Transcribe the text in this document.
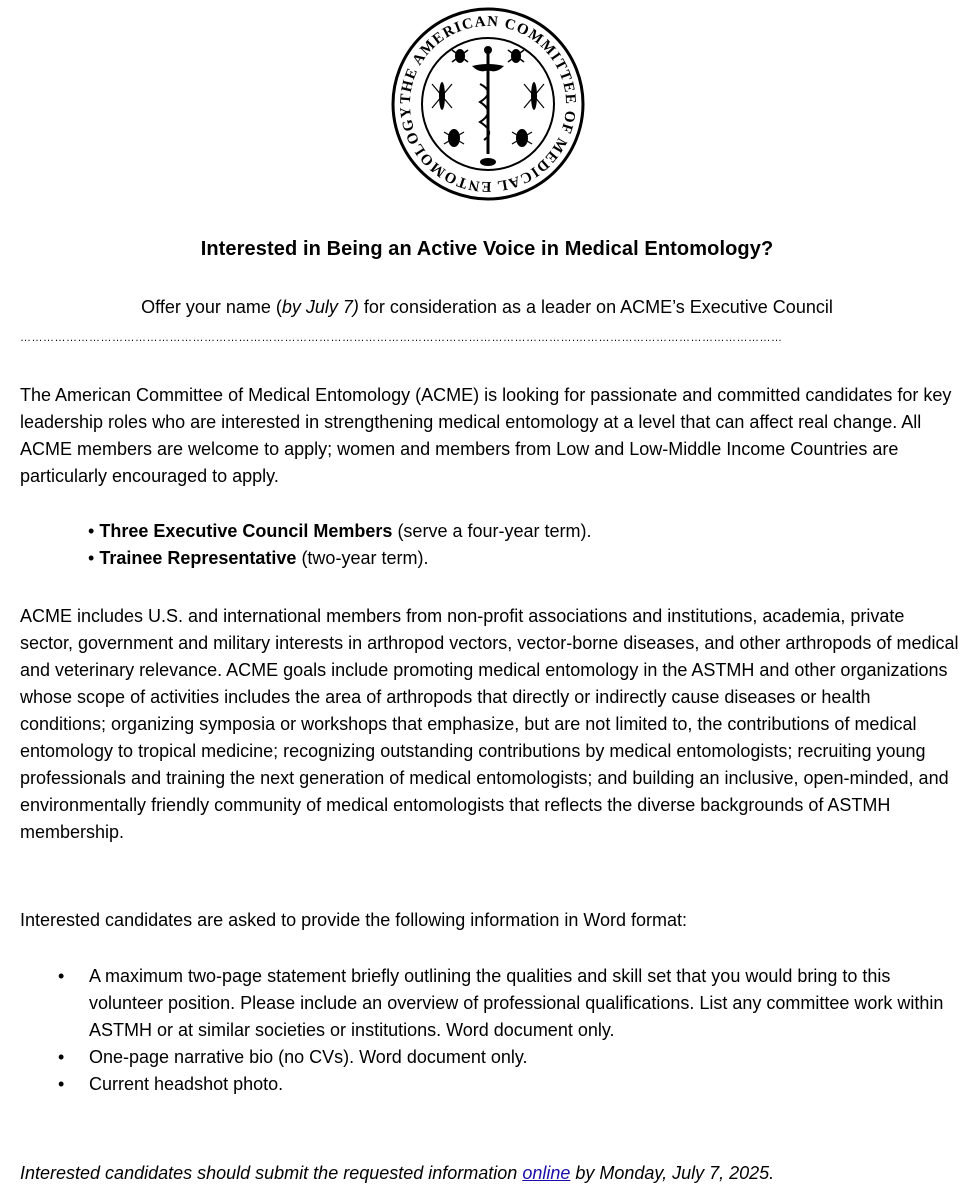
THE AMERICAN COMMITTEE OF MEDICAL ENTOMOLOGY
Interested in Being an Active Voice in Medical Entomology?
Offer your name (by July 7) for consideration as a leader on ACME’s Executive Council
……………………………………………………………………………………………………………………………….………………………………………………

The American Committee of Medical Entomology (ACME) is looking for passionate and committed candidates for key leadership roles who are interested in strengthening medical entomology at a level that can affect real change. All ACME members are welcome to apply; women and members from Low and Low-Middle Income Countries are particularly encouraged to apply.

• Three Executive Council Members (serve a four-year term).
• Trainee Representative (two-year term).

ACME includes U.S. and international members from non-profit associations and institutions, academia, private sector, government and military interests in arthropod vectors, vector-borne diseases, and other arthropods of medical and veterinary relevance. ACME goals include promoting medical entomology in the ASTMH and other organizations whose scope of activities includes the area of arthropods that directly or indirectly cause diseases or health conditions; organizing symposia or workshops that emphasize, but are not limited to, the contributions of medical entomology to tropical medicine; recognizing outstanding contributions by medical entomologists; recruiting young professionals and training the next generation of medical entomologists; and building an inclusive, open-minded, and environmentally friendly community of medical entomologists that reflects the diverse backgrounds of ASTMH membership.

Interested candidates are asked to provide the following information in Word format:

• A maximum two-page statement briefly outlining the qualities and skill set that you would bring to this volunteer position. Please include an overview of professional qualifications. List any committee work within ASTMH or at similar societies or institutions. Word document only.
• One-page narrative bio (no CVs). Word document only.
• Current headshot photo.

Interested candidates should submit the requested information online by Monday, July 7, 2025.
